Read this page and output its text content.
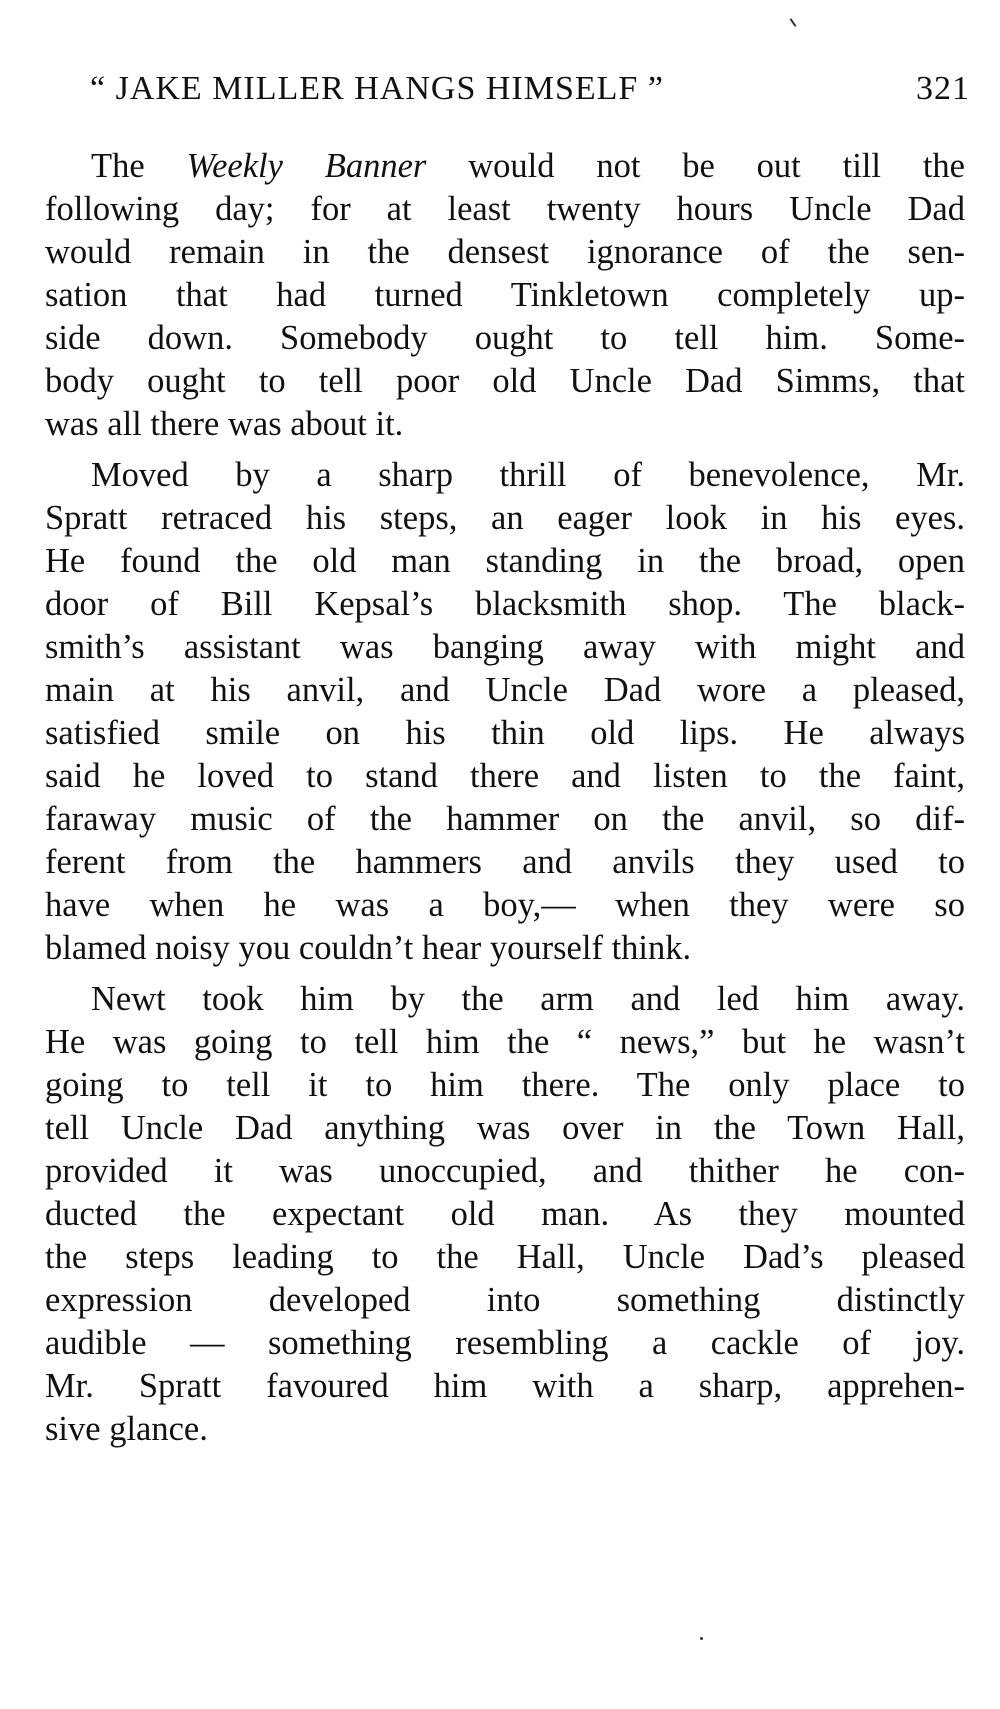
“ JAKE MILLER HANGS HIMSELF ”	321
The Weekly Banner would not be out till the
following day; for at least twenty hours Uncle Dad
would remain in the densest ignorance of the sen-
sation that had turned Tinkletown completely up-
side down. Somebody ought to tell him. Some-
body ought to tell poor old Uncle Dad Simms, that
was all there was about it.
Moved by a sharp thrill of benevolence, Mr.
Spratt retraced his steps, an eager look in his eyes.
He found the old man standing in the broad, open
door of Bill Kepsal’s blacksmith shop. The black-
smith’s assistant was banging away with might and
main at his anvil, and Uncle Dad wore a pleased,
satisfied smile on his thin old lips. He always
said he loved to stand there and listen to the faint,
faraway music of the hammer on the anvil, so dif-
ferent from the hammers and anvils they used to
have when he was a boy,— when they were so
blamed noisy you couldn’t hear yourself think.
Newt took him by the arm and led him away.
He was going to tell him the “ news,” but he wasn’t
going to tell it to him there. The only place to
tell Uncle Dad anything was over in the Town Hall,
provided it was unoccupied, and thither he con-
ducted the expectant old man. As they mounted
the steps leading to the Hall, Uncle Dad’s pleased
expression developed into something distinctly
audible — something resembling a cackle of joy.
Mr. Spratt favoured him with a sharp, apprehen-
sive glance.
